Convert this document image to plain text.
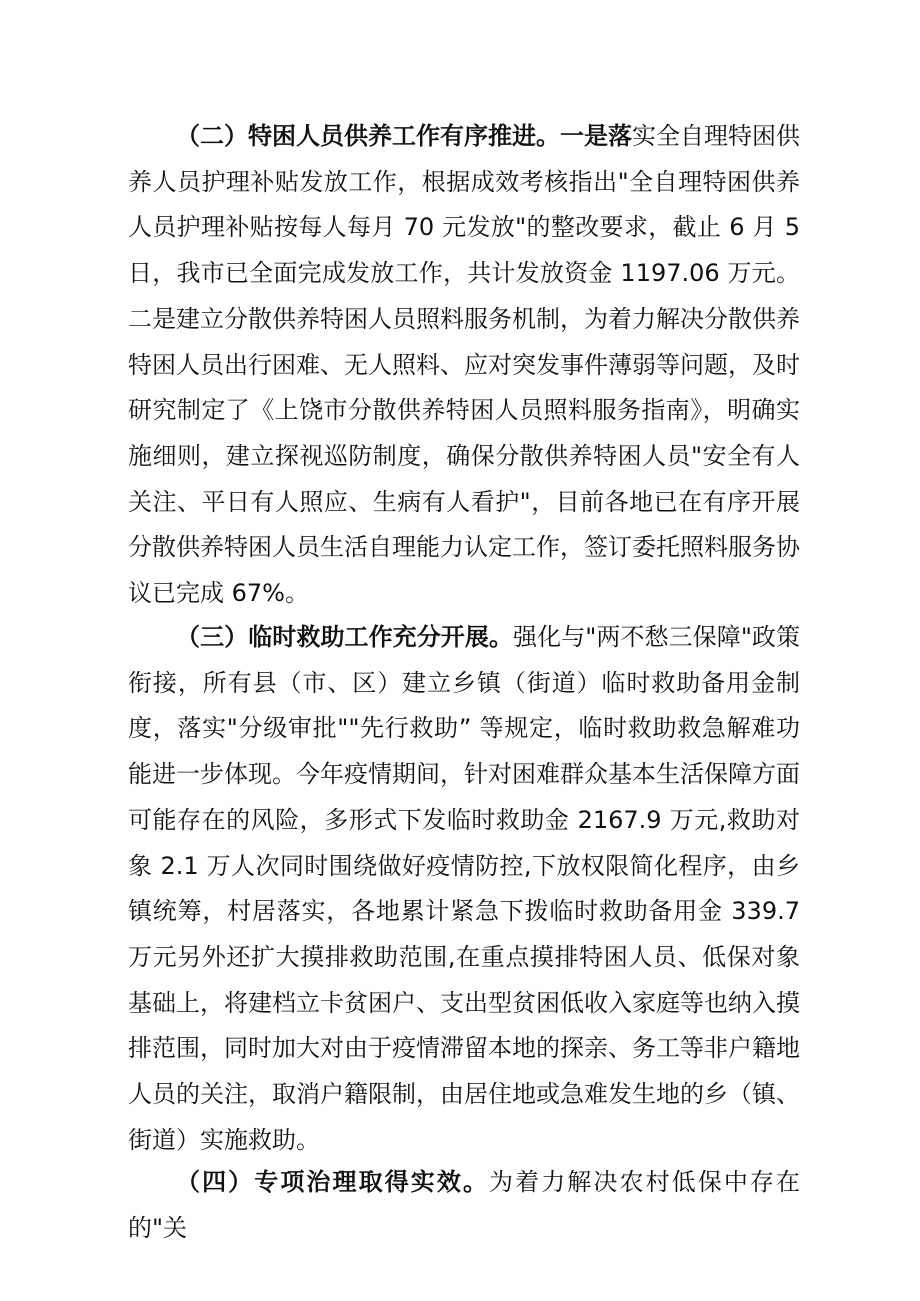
（二）特困人员供养工作有序推进。一是落实全自理特困供养人员护理补贴发放工作，根据成效考核指出"全自理特困供养人员护理补贴按每人每月 70 元发放"的整改要求，截止 6 月 5 日，我市已全面完成发放工作，共计发放资金 1197.06 万元。二是建立分散供养特困人员照料服务机制，为着力解决分散供养特困人员出行困难、无人照料、应对突发事件薄弱等问题，及时研究制定了《上饶市分散供养特困人员照料服务指南》，明确实施细则，建立探视巡防制度，确保分散供养特困人员"安全有人关注、平日有人照应、生病有人看护"，目前各地已在有序开展分散供养特困人员生活自理能力认定工作，签订委托照料服务协议已完成 67%。

（三）临时救助工作充分开展。强化与"两不愁三保障"政策衔接，所有县（市、区）建立乡镇（街道）临时救助备用金制度，落实"分级审批""先行救助” 等规定，临时救助救急解难功能进一步体现。今年疫情期间，针对困难群众基本生活保障方面可能存在的风险，多形式下发临时救助金 2167.9 万元,救助对象 2.1 万人次同时围绕做好疫情防控,下放权限简化程序，由乡镇统筹，村居落实，各地累计紧急下拨临时救助备用金 339.7 万元另外还扩大摸排救助范围,在重点摸排特困人员、低保对象基础上，将建档立卡贫困户、支出型贫困低收入家庭等也纳入摸排范围，同时加大对由于疫情滞留本地的探亲、务工等非户籍地人员的关注，取消户籍限制，由居住地或急难发生地的乡（镇、街道）实施救助。

（四）专项治理取得实效。为着力解决农村低保中存在的"关
